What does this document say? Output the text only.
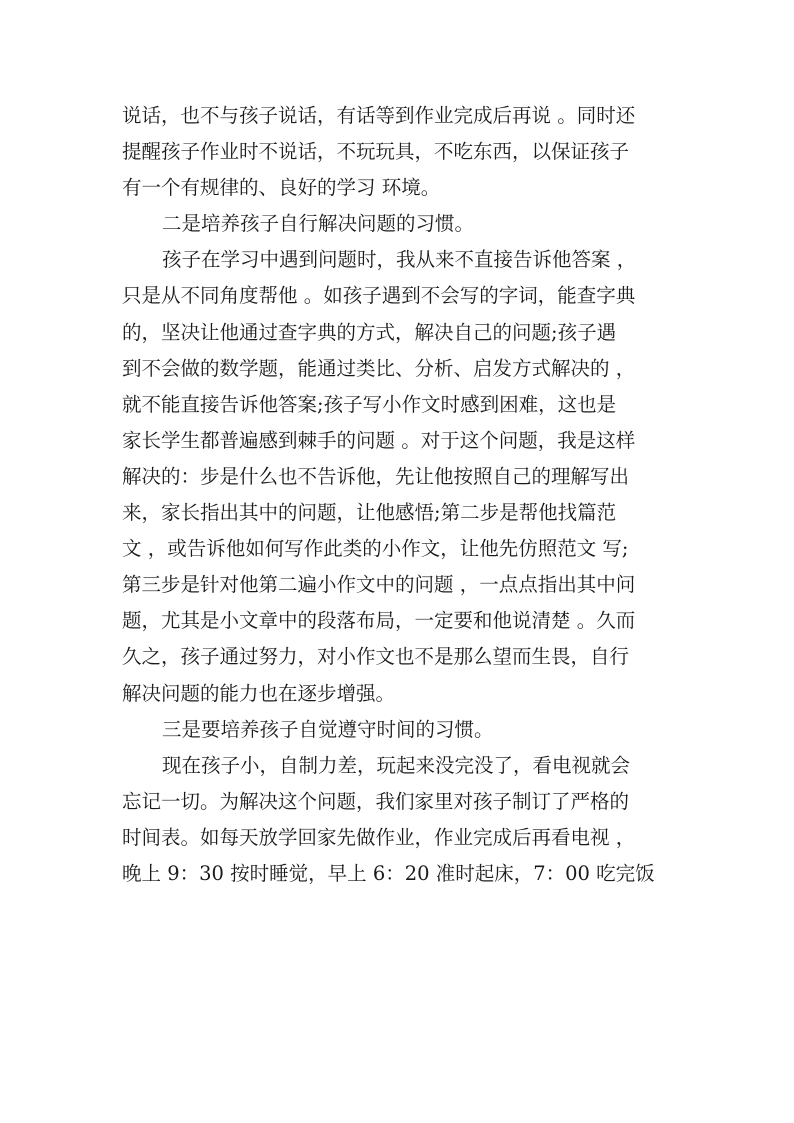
说话，也不与孩子说话，有话等到作业完成后再说 。同时还
提醒孩子作业时不说话，不玩玩具，不吃东西，以保证孩子
有一个有规律的、良好的学习 环境。
二是培养孩子自行解决问题的习惯。
孩子在学习中遇到问题时，我从来不直接告诉他答案 ，
只是从不同角度帮他 。如孩子遇到不会写的字词，能查字典
的，坚决让他通过查字典的方式，解决自己的问题;孩子遇
到不会做的数学题，能通过类比、分析、启发方式解决的 ，
就不能直接告诉他答案;孩子写小作文时感到困难，这也是
家长学生都普遍感到棘手的问题 。对于这个问题，我是这样
解决的：步是什么也不告诉他，先让他按照自己的理解写出
来，家长指出其中的问题，让他感悟;第二步是帮他找篇范
文 ，或告诉他如何写作此类的小作文，让他先仿照范文 写;
第三步是针对他第二遍小作文中的问题 ，一点点指出其中问
题，尤其是小文章中的段落布局，一定要和他说清楚 。久而
久之，孩子通过努力，对小作文也不是那么望而生畏，自行
解决问题的能力也在逐步增强。
三是要培养孩子自觉遵守时间的习惯。
现在孩子小，自制力差，玩起来没完没了，看电视就会
忘记一切。为解决这个问题，我们家里对孩子制订了严格的
时间表。如每天放学回家先做作业，作业完成后再看电视 ，
晚上 9：30 按时睡觉，早上 6：20 准时起床，7：00 吃完饭
